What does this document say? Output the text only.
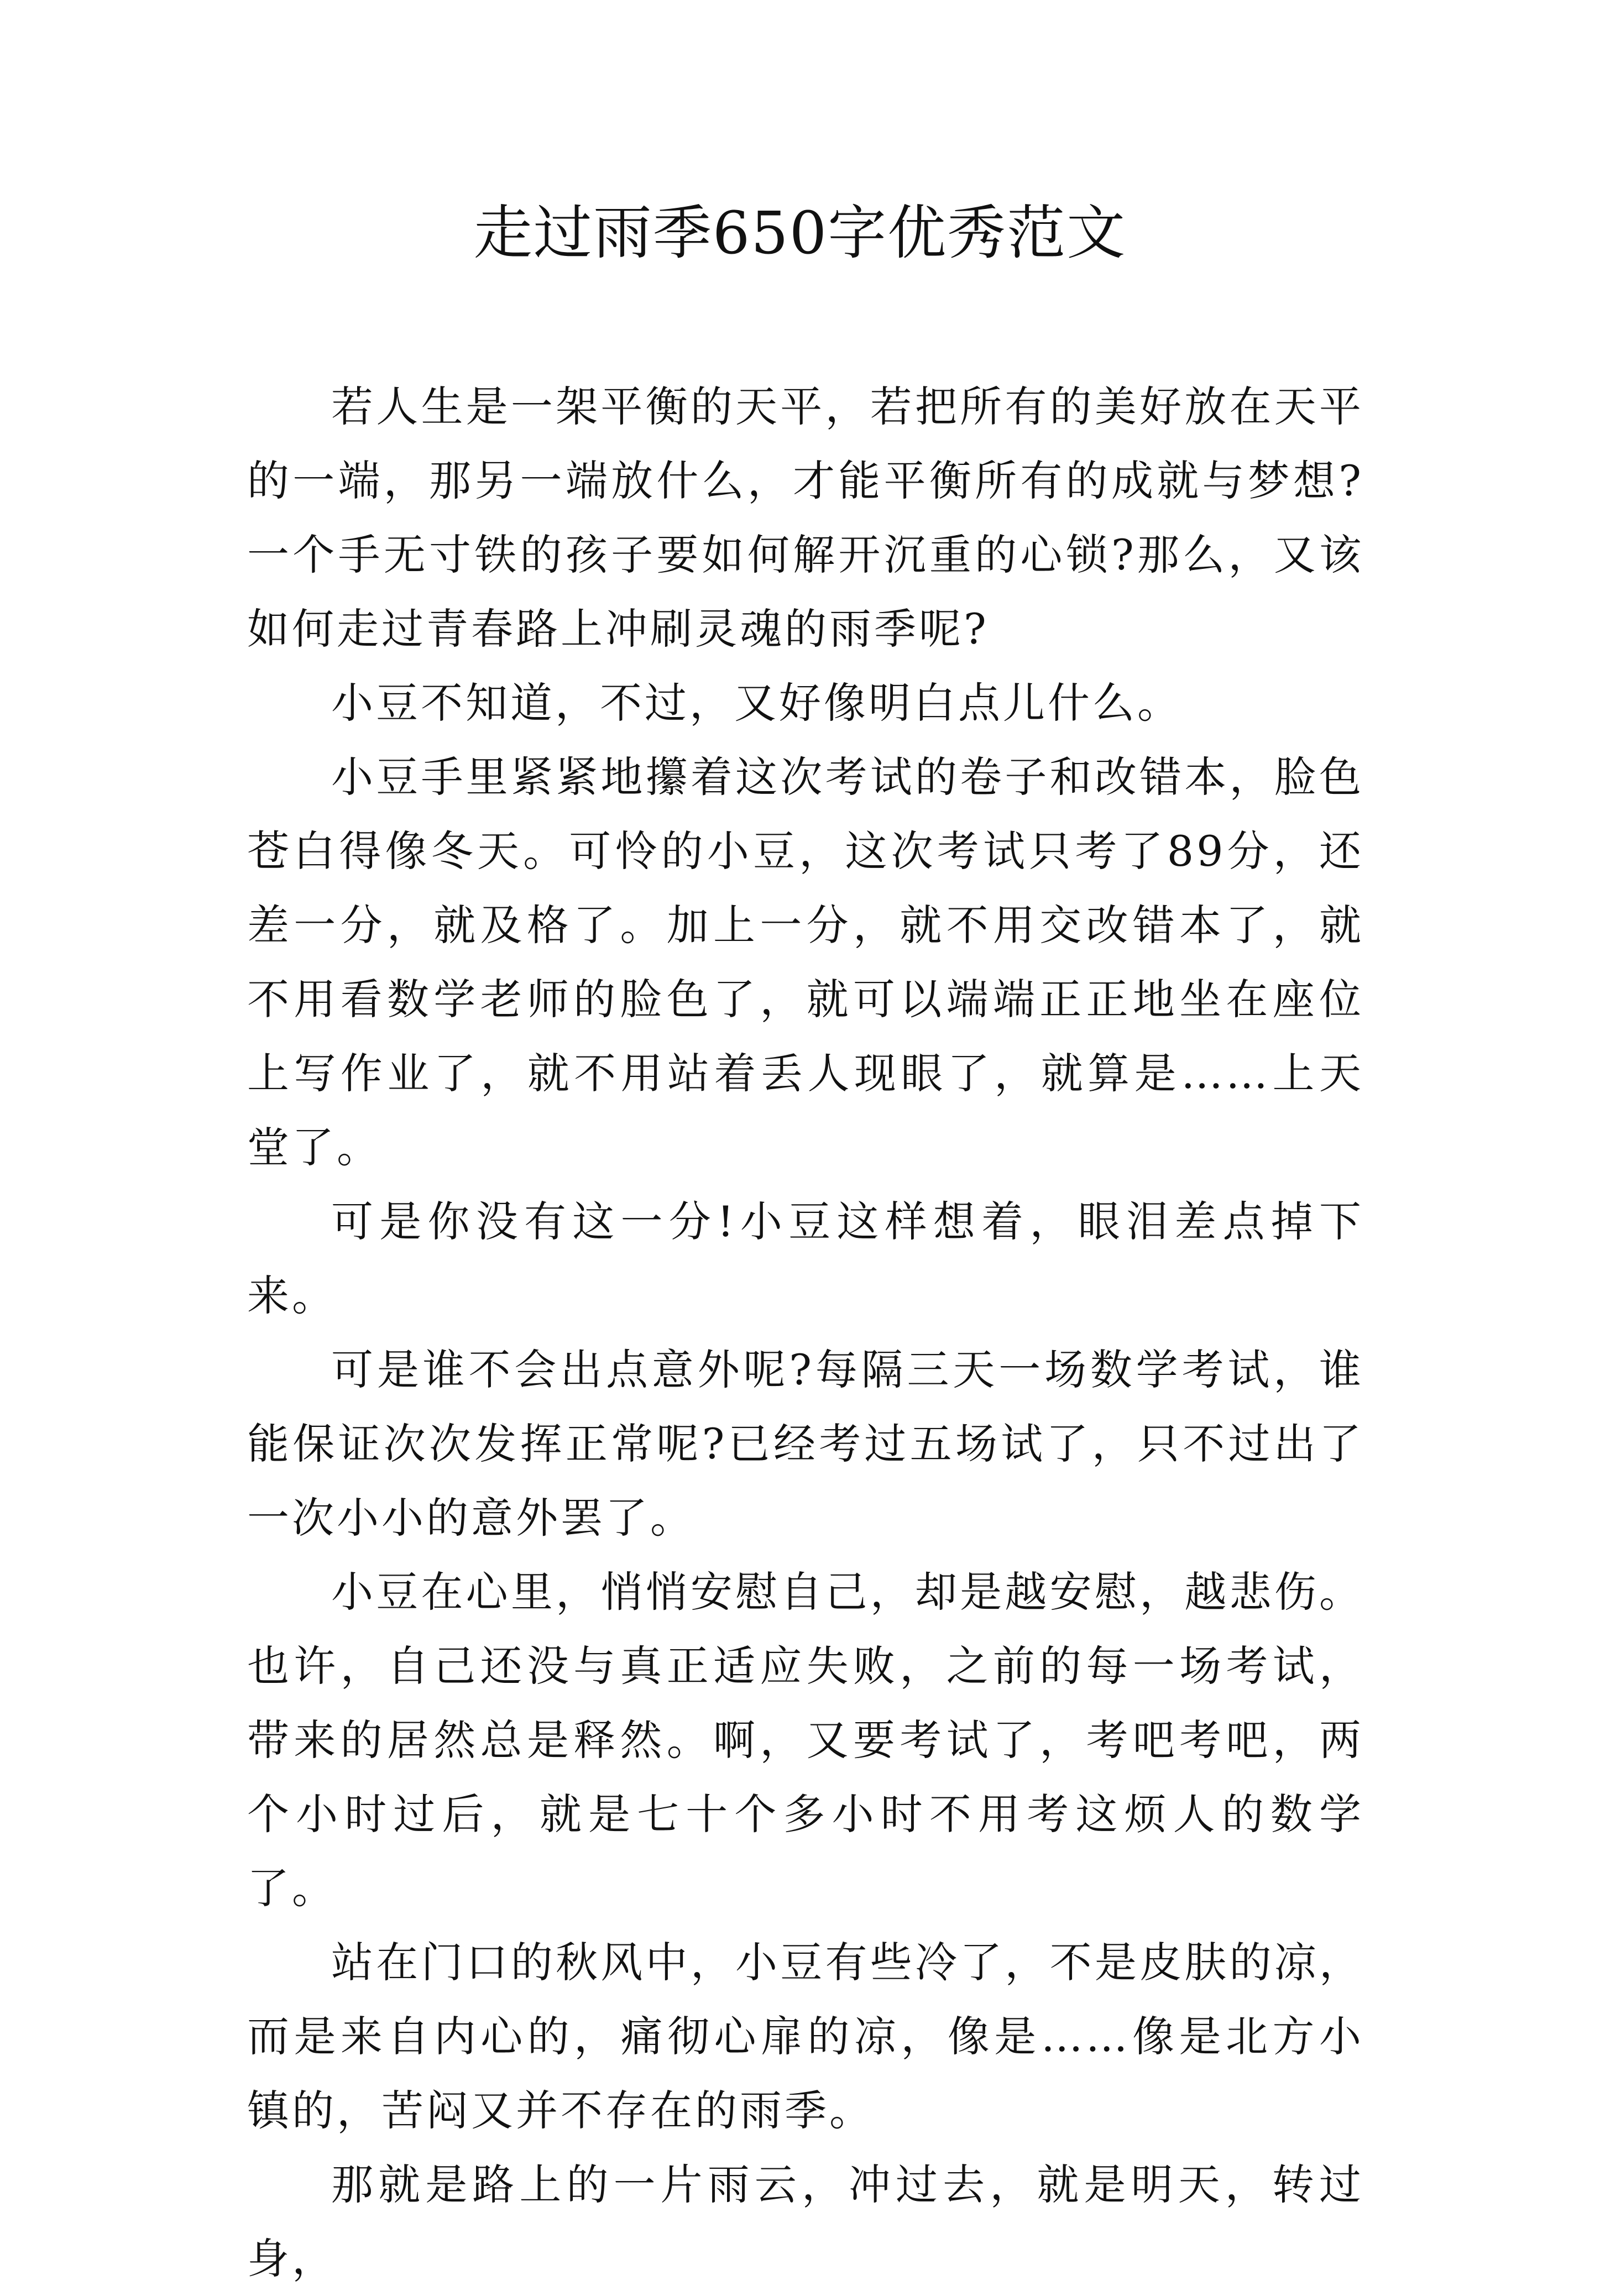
走过雨季650字优秀范文

若人生是一架平衡的天平，若把所有的美好放在天平的一端，那另一端放什么，才能平衡所有的成就与梦想?一个手无寸铁的孩子要如何解开沉重的心锁?那么，又该如何走过青春路上冲刷灵魂的雨季呢?

小豆不知道，不过，又好像明白点儿什么。

小豆手里紧紧地攥着这次考试的卷子和改错本，脸色苍白得像冬天。可怜的小豆，这次考试只考了89分，还差一分，就及格了。加上一分，就不用交改错本了，就不用看数学老师的脸色了，就可以端端正正地坐在座位上写作业了，就不用站着丢人现眼了，就算是……上天堂了。

可是你没有这一分!小豆这样想着，眼泪差点掉下来。

可是谁不会出点意外呢?每隔三天一场数学考试，谁能保证次次发挥正常呢?已经考过五场试了，只不过出了一次小小的意外罢了。

小豆在心里，悄悄安慰自己，却是越安慰，越悲伤。也许，自己还没与真正适应失败，之前的每一场考试，带来的居然总是释然。啊，又要考试了，考吧考吧，两个小时过后，就是七十个多小时不用考这烦人的数学了。

站在门口的秋风中，小豆有些冷了，不是皮肤的凉，而是来自内心的，痛彻心扉的凉，像是……像是北方小镇的，苦闷又并不存在的雨季。

那就是路上的一片雨云，冲过去，就是明天，转过身，
